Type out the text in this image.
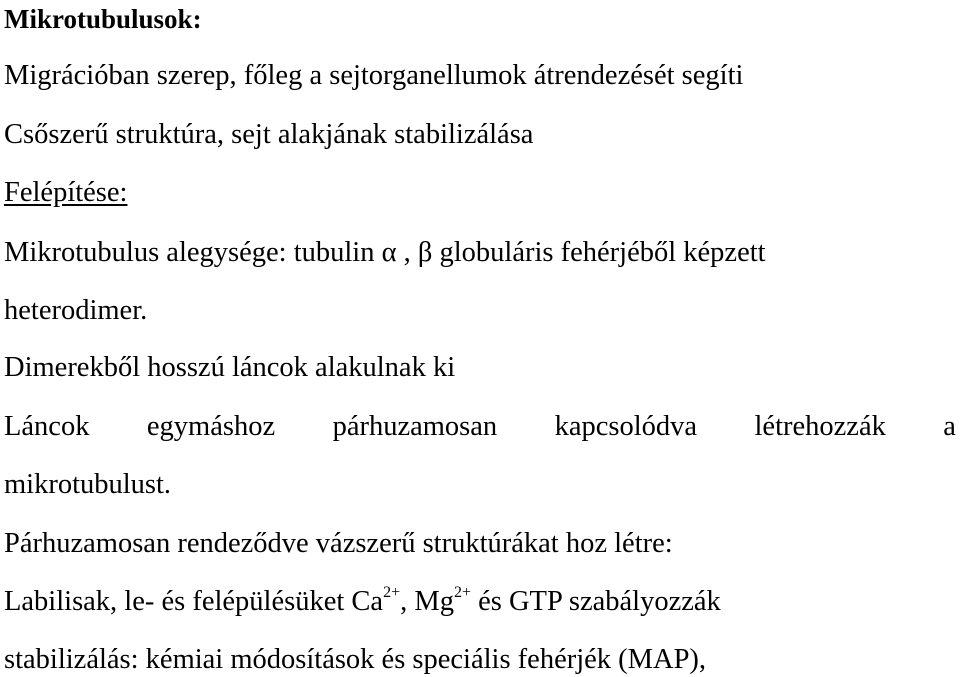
Mikrotubulusok:
Migrációban szerep, főleg a sejtorganellumok átrendezését segíti
Csőszerű struktúra, sejt alakjának stabilizálása
Felépítése:
Mikrotubulus alegysége: tubulin α , β globuláris fehérjéből képzett
heterodimer.
Dimerekből hosszú láncok alakulnak ki
Láncok egymáshoz párhuzamosan kapcsolódva létrehozzák a
mikrotubulust.
Párhuzamosan rendeződve vázszerű struktúrákat hoz létre:
Labilisak, le- és felépülésüket $Ca^{2+}$, $Mg^{2+}$ és GTP szabályozzák
stabilizálás: kémiai módosítások és speciális fehérjék (MAP),
